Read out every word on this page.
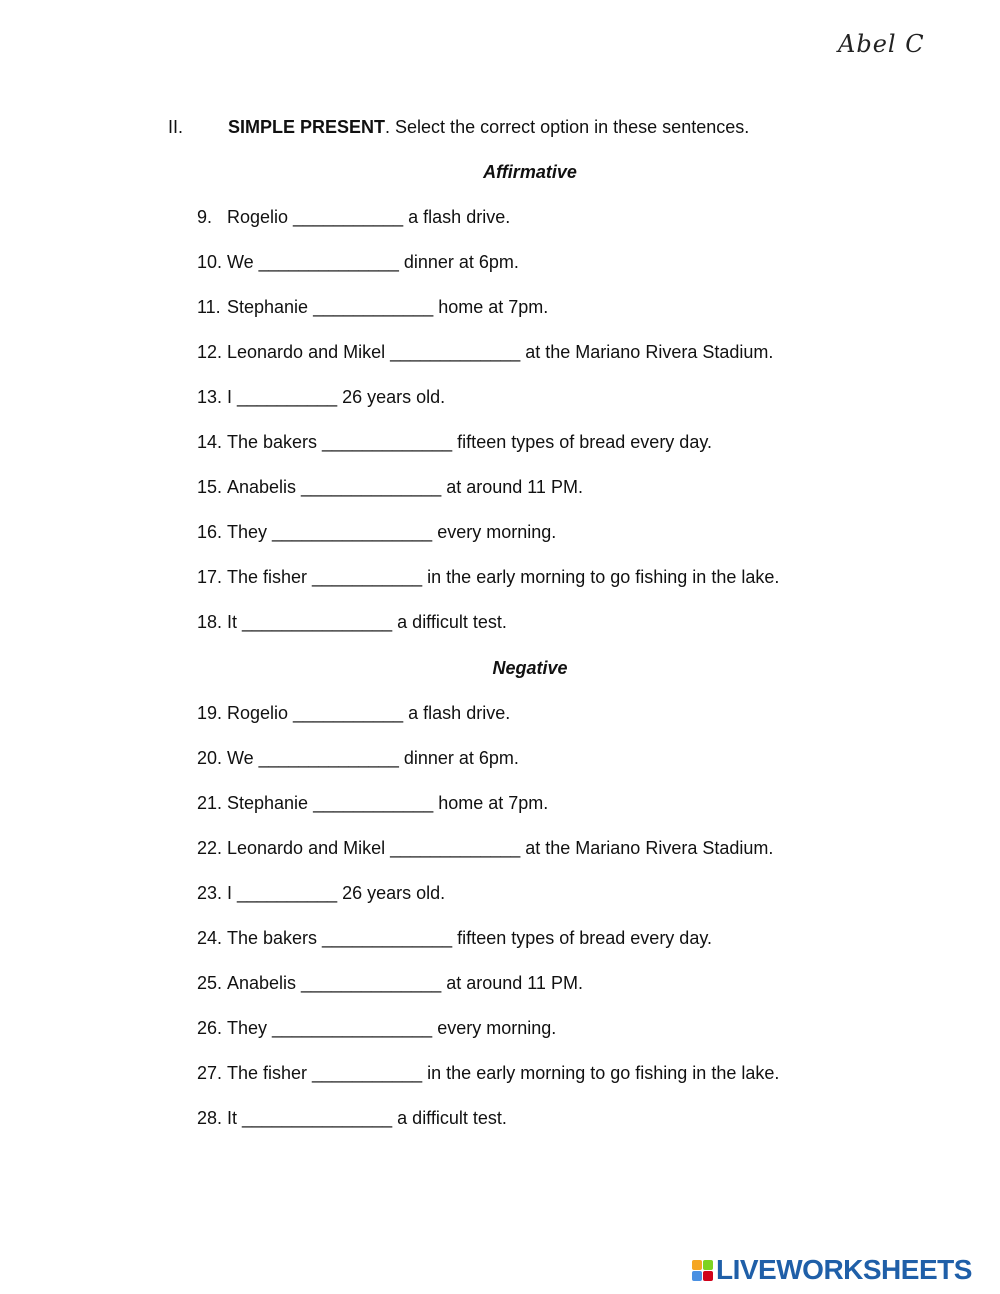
Abel C
II. SIMPLE PRESENT. Select the correct option in these sentences.
Affirmative
9. Rogelio ___________ a flash drive.
10. We ______________ dinner at 6pm.
11. Stephanie ____________ home at 7pm.
12. Leonardo and Mikel _____________ at the Mariano Rivera Stadium.
13. I __________ 26 years old.
14. The bakers _____________ fifteen types of bread every day.
15. Anabelis ______________ at around 11 PM.
16. They ________________ every morning.
17. The fisher ___________ in the early morning to go fishing in the lake.
18. It _______________ a difficult test.
Negative
19. Rogelio ___________ a flash drive.
20. We ______________ dinner at 6pm.
21. Stephanie ____________ home at 7pm.
22. Leonardo and Mikel _____________ at the Mariano Rivera Stadium.
23. I __________ 26 years old.
24. The bakers _____________ fifteen types of bread every day.
25. Anabelis ______________ at around 11 PM.
26. They ________________ every morning.
27. The fisher ___________ in the early morning to go fishing in the lake.
28. It _______________ a difficult test.
LIVEWORKSHEETS
